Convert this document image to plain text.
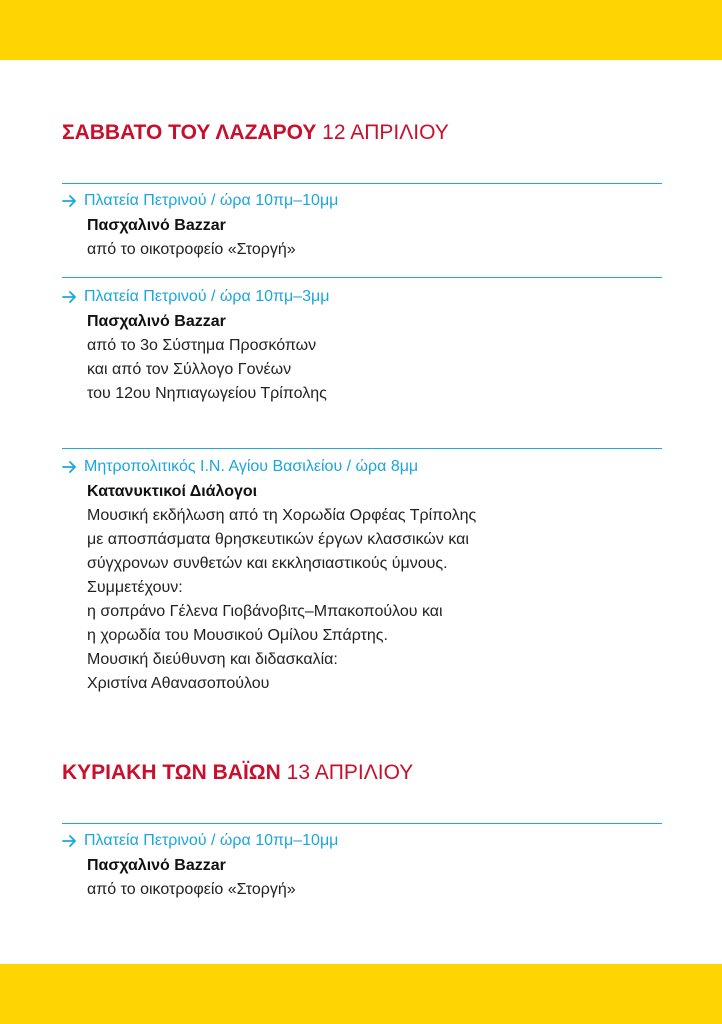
ΣΑΒΒΑΤΟ ΤΟΥ ΛΑΖΑΡΟΥ 12 ΑΠΡΙΛΙΟΥ
Πλατεία Πετρινού / ώρα 10πμ–10μμ
Πασχαλινό Bazzar
από το οικοτροφείο «Στοργή»
Πλατεία Πετρινού / ώρα 10πμ–3μμ
Πασχαλινό Bazzar
από το 3ο Σύστημα Προσκόπων
και από τον Σύλλογο Γονέων
του 12ου Νηπιαγωγείου Τρίπολης
Μητροπολιτικός Ι.Ν. Αγίου Βασιλείου / ώρα 8μμ
Κατανυκτικοί Διάλογοι
Μουσική εκδήλωση από τη Χορωδία Ορφέας Τρίπολης
με αποσπάσματα θρησκευτικών έργων κλασσικών και
σύγχρονων συνθετών και εκκλησιαστικούς ύμνους.
Συμμετέχουν:
η σοπράνο Γέλενα Γιοβάνοβιτς–Μπακοπούλου και
η χορωδία του Μουσικού Ομίλου Σπάρτης.
Μουσική διεύθυνση και διδασκαλία:
Χριστίνα Αθανασοπούλου
ΚΥΡΙΑΚΗ ΤΩΝ ΒΑΪΩΝ 13 ΑΠΡΙΛΙΟΥ
Πλατεία Πετρινού / ώρα 10πμ–10μμ
Πασχαλινό Bazzar
από το οικοτροφείο «Στοργή»
